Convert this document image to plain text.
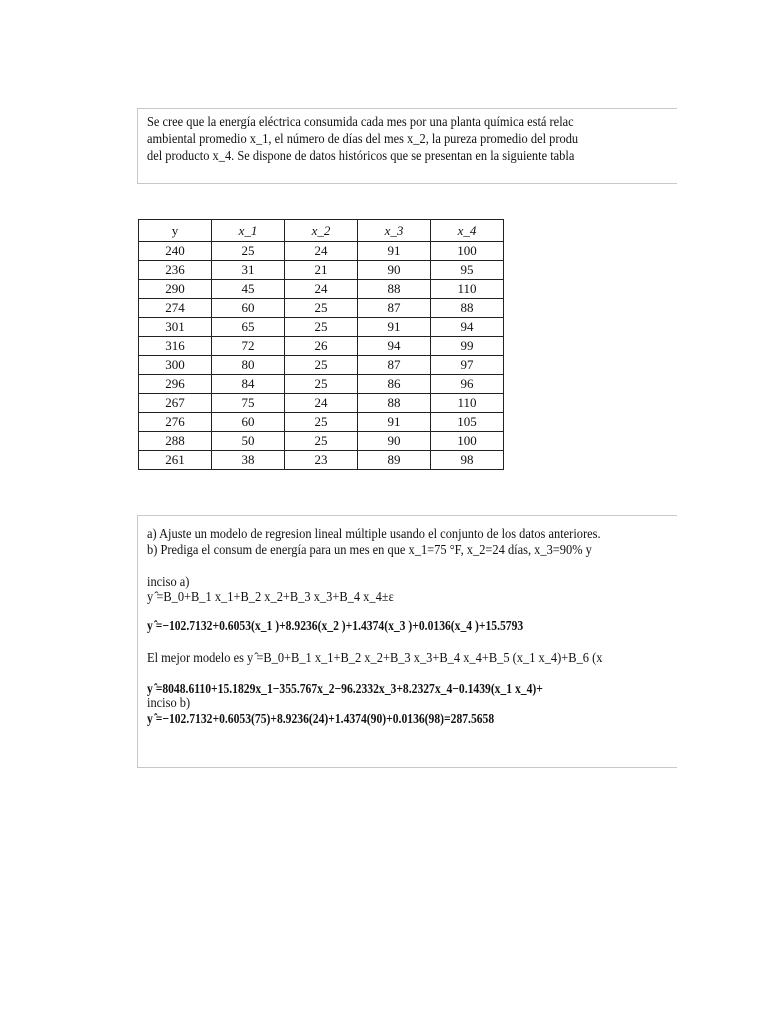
Se cree que la energía eléctrica consumida cada mes por una planta química está relac
ambiental promedio x_1, el número de días del mes x_2, la pureza promedio del produ
del producto x_4. Se dispone de datos históricos que se presentan en la siguiente tabla
y	x_1	x_2	x_3	x_4
240	25	24	91	100
236	31	21	90	95
290	45	24	88	110
274	60	25	87	88
301	65	25	91	94
316	72	26	94	99
300	80	25	87	97
296	84	25	86	96
267	75	24	88	110
276	60	25	91	105
288	50	25	90	100
261	38	23	89	98
a) Ajuste un modelo de regresion lineal múltiple usando el conjunto de los datos anteriores.
b) Prediga el consum de energía para un mes en que x_1=75 °F, x_2=24 días, x_3=90% y
inciso a)
y ̂=B_0+B_1 x_1+B_2 x_2+B_3 x_3+B_4 x_4±ε
y ̂=−102.7132+0.6053(x_1 )+8.9236(x_2 )+1.4374(x_3 )+0.0136(x_4 )+15.5793
El mejor modelo es y ̂=B_0+B_1 x_1+B_2 x_2+B_3 x_3+B_4 x_4+B_5 (x_1 x_4)+B_6 (x
y ̂=8048.6110+15.1829x_1−355.767x_2−96.2332x_3+8.2327x_4−0.1439(x_1 x_4)+
inciso b)
y ̂=−102.7132+0.6053(75)+8.9236(24)+1.4374(90)+0.0136(98)=287.5658
